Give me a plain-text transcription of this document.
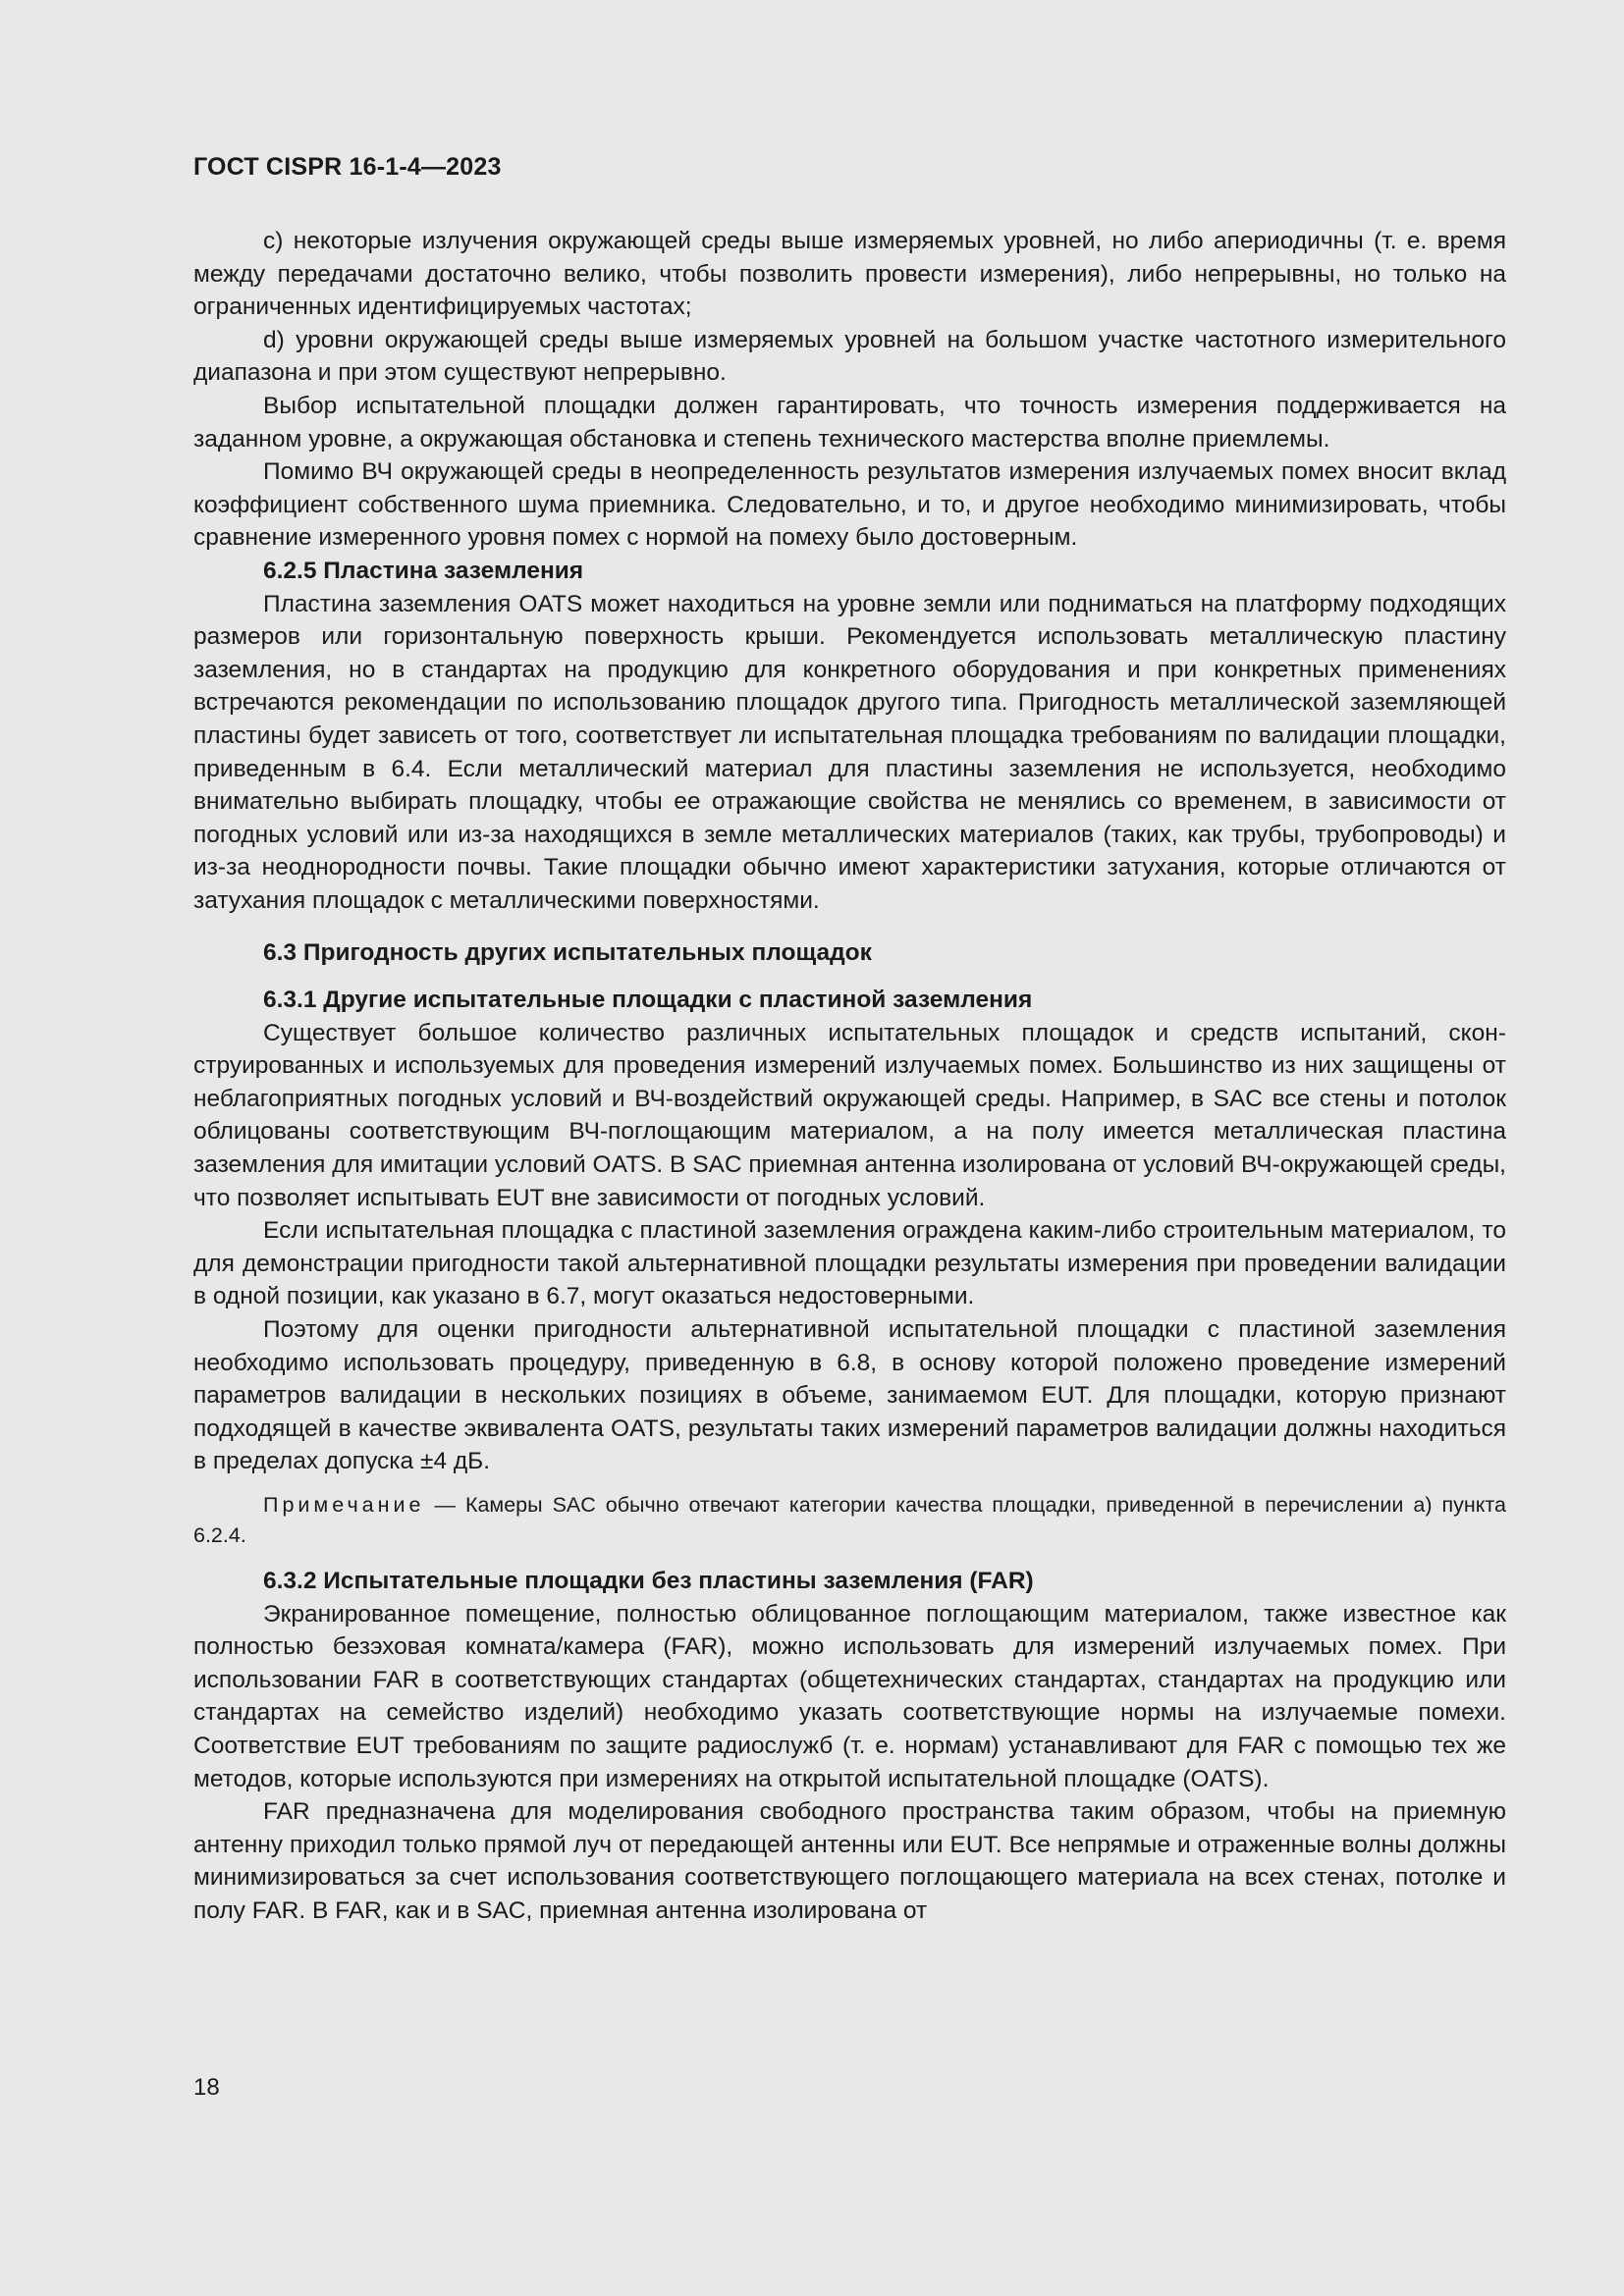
ГОСТ CISPR 16-1-4—2023

c) некоторые излучения окружающей среды выше измеряемых уровней, но либо апериодичны (т. е. время между передачами достаточно велико, чтобы позволить провести измерения), либо непрерывны, но только на ограниченных идентифицируемых частотах;

d) уровни окружающей среды выше измеряемых уровней на большом участке частотного измерительного диапазона и при этом существуют непрерывно.

Выбор испытательной площадки должен гарантировать, что точность измерения поддерживается на заданном уровне, а окружающая обстановка и степень технического мастерства вполне приемлемы.

Помимо ВЧ окружающей среды в неопределенность результатов измерения излучаемых помех вносит вклад коэффициент собственного шума приемника. Следовательно, и то, и другое необходимо минимизировать, чтобы сравнение измеренного уровня помех с нормой на помеху было достоверным.

6.2.5 Пластина заземления

Пластина заземления OATS может находиться на уровне земли или подниматься на платформу подходящих размеров или горизонтальную поверхность крыши. Рекомендуется использовать металлическую пластину заземления, но в стандартах на продукцию для конкретного оборудования и при конкретных применениях встречаются рекомендации по использованию площадок другого типа. Пригодность металлической заземляющей пластины будет зависеть от того, соответствует ли испытательная площадка требованиям по валидации площадки, приведенным в 6.4. Если металлический материал для пластины заземления не используется, необходимо внимательно выбирать площадку, чтобы ее отражающие свойства не менялись со временем, в зависимости от погодных условий или из-за находящихся в земле металлических материалов (таких, как трубы, трубопроводы) и из-за неоднородности почвы. Такие площадки обычно имеют характеристики затухания, которые отличаются от затухания площадок с металлическими поверхностями.

6.3 Пригодность других испытательных площадок
6.3.1 Другие испытательные площадки с пластиной заземления

Существует большое количество различных испытательных площадок и средств испытаний, сконструированных и используемых для проведения измерений излучаемых помех. Большинство из них защищены от неблагоприятных погодных условий и ВЧ-воздействий окружающей среды. Например, в SAC все стены и потолок облицованы соответствующим ВЧ-поглощающим материалом, а на полу имеется металлическая пластина заземления для имитации условий OATS. В SAC приемная антенна изолирована от условий ВЧ-окружающей среды, что позволяет испытывать EUT вне зависимости от погодных условий.

Если испытательная площадка с пластиной заземления ограждена каким-либо строительным материалом, то для демонстрации пригодности такой альтернативной площадки результаты измерения при проведении валидации в одной позиции, как указано в 6.7, могут оказаться недостоверными.

Поэтому для оценки пригодности альтернативной испытательной площадки с пластиной заземления необходимо использовать процедуру, приведенную в 6.8, в основу которой положено проведение измерений параметров валидации в нескольких позициях в объеме, занимаемом EUT. Для площадки, которую признают подходящей в качестве эквивалента OATS, результаты таких измерений параметров валидации должны находиться в пределах допуска ±4 дБ.

Примечание — Камеры SAC обычно отвечают категории качества площадки, приведенной в перечислении а) пункта 6.2.4.

6.3.2 Испытательные площадки без пластины заземления (FAR)

Экранированное помещение, полностью облицованное поглощающим материалом, также известное как полностью безэховая комната/камера (FAR), можно использовать для измерений излучаемых помех. При использовании FAR в соответствующих стандартах (общетехнических стандартах, стандартах на продукцию или стандартах на семейство изделий) необходимо указать соответствующие нормы на излучаемые помехи. Соответствие EUT требованиям по защите радиослужб (т. е. нормам) устанавливают для FAR с помощью тех же методов, которые используются при измерениях на открытой испытательной площадке (OATS).

FAR предназначена для моделирования свободного пространства таким образом, чтобы на приемную антенну приходил только прямой луч от передающей антенны или EUT. Все непрямые и отраженные волны должны минимизироваться за счет использования соответствующего поглощающего материала на всех стенах, потолке и полу FAR. В FAR, как и в SAC, приемная антенна изолирована от

18
